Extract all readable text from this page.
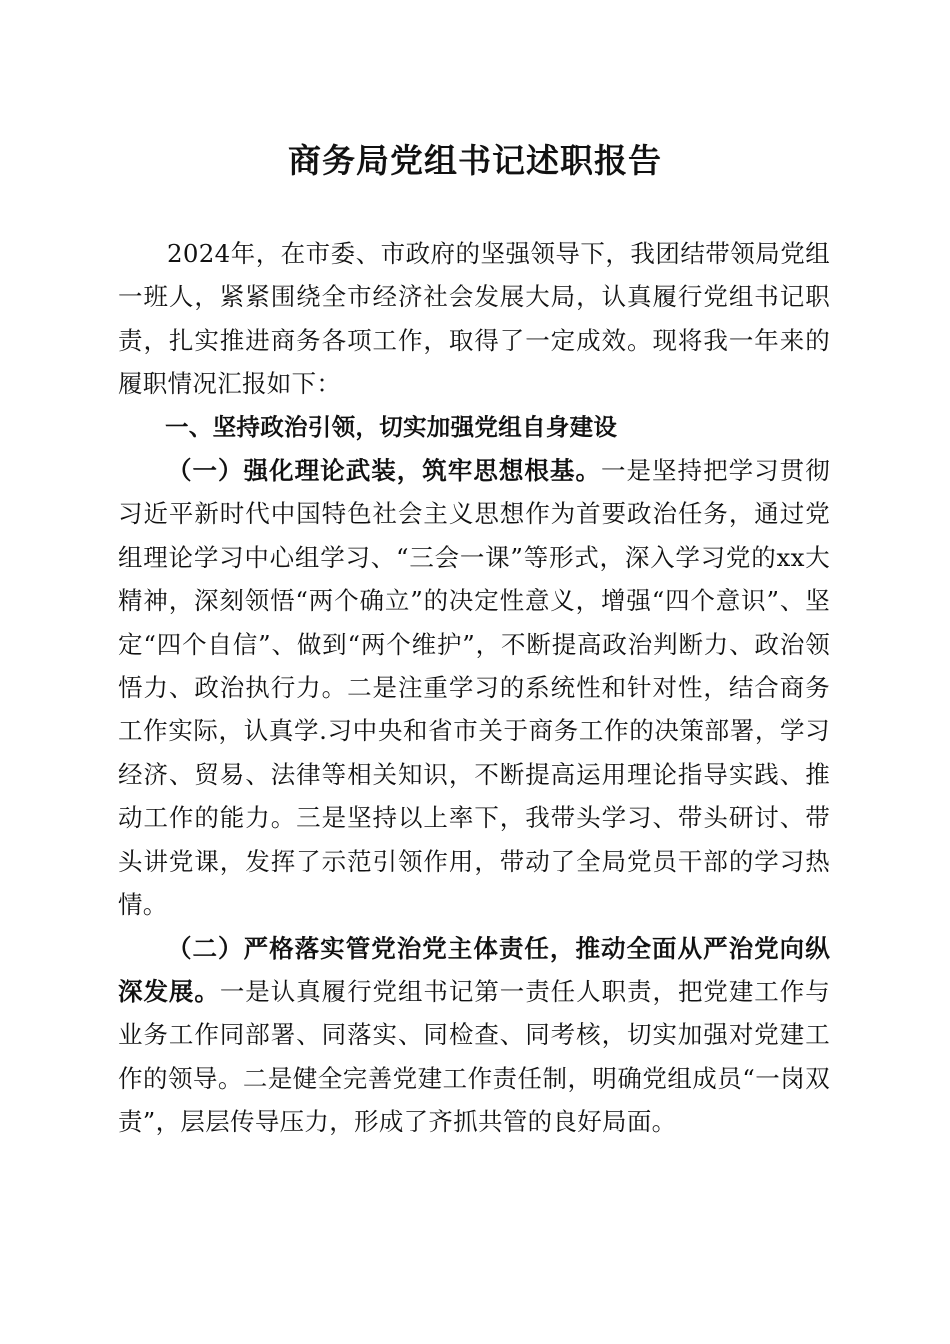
商务局党组书记述职报告

2024年，在市委、市政府的坚强领导下，我团结带领局党组一班人，紧紧围绕全市经济社会发展大局，认真履行党组书记职责，扎实推进商务各项工作，取得了一定成效。现将我一年来的履职情况汇报如下：

一、坚持政治引领，切实加强党组自身建设

（一）强化理论武装，筑牢思想根基。一是坚持把学习贯彻习近平新时代中国特色社会主义思想作为首要政治任务，通过党组理论学习中心组学习、“三会一课”等形式，深入学习党的xx大精神，深刻领悟“两个确立”的决定性意义，增强“四个意识”、坚定“四个自信”、做到“两个维护”，不断提高政治判断力、政治领悟力、政治执行力。二是注重学习的系统性和针对性，结合商务工作实际，认真学.习中央和省市关于商务工作的决策部署，学习经济、贸易、法律等相关知识，不断提高运用理论指导实践、推动工作的能力。三是坚持以上率下，我带头学习、带头研讨、带头讲党课，发挥了示范引领作用，带动了全局党员干部的学习热情。

（二）严格落实管党治党主体责任，推动全面从严治党向纵深发展。一是认真履行党组书记第一责任人职责，把党建工作与业务工作同部署、同落实、同检查、同考核，切实加强对党建工作的领导。二是健全完善党建工作责任制，明确党组成员“一岗双责”，层层传导压力，形成了齐抓共管的良好局面。
